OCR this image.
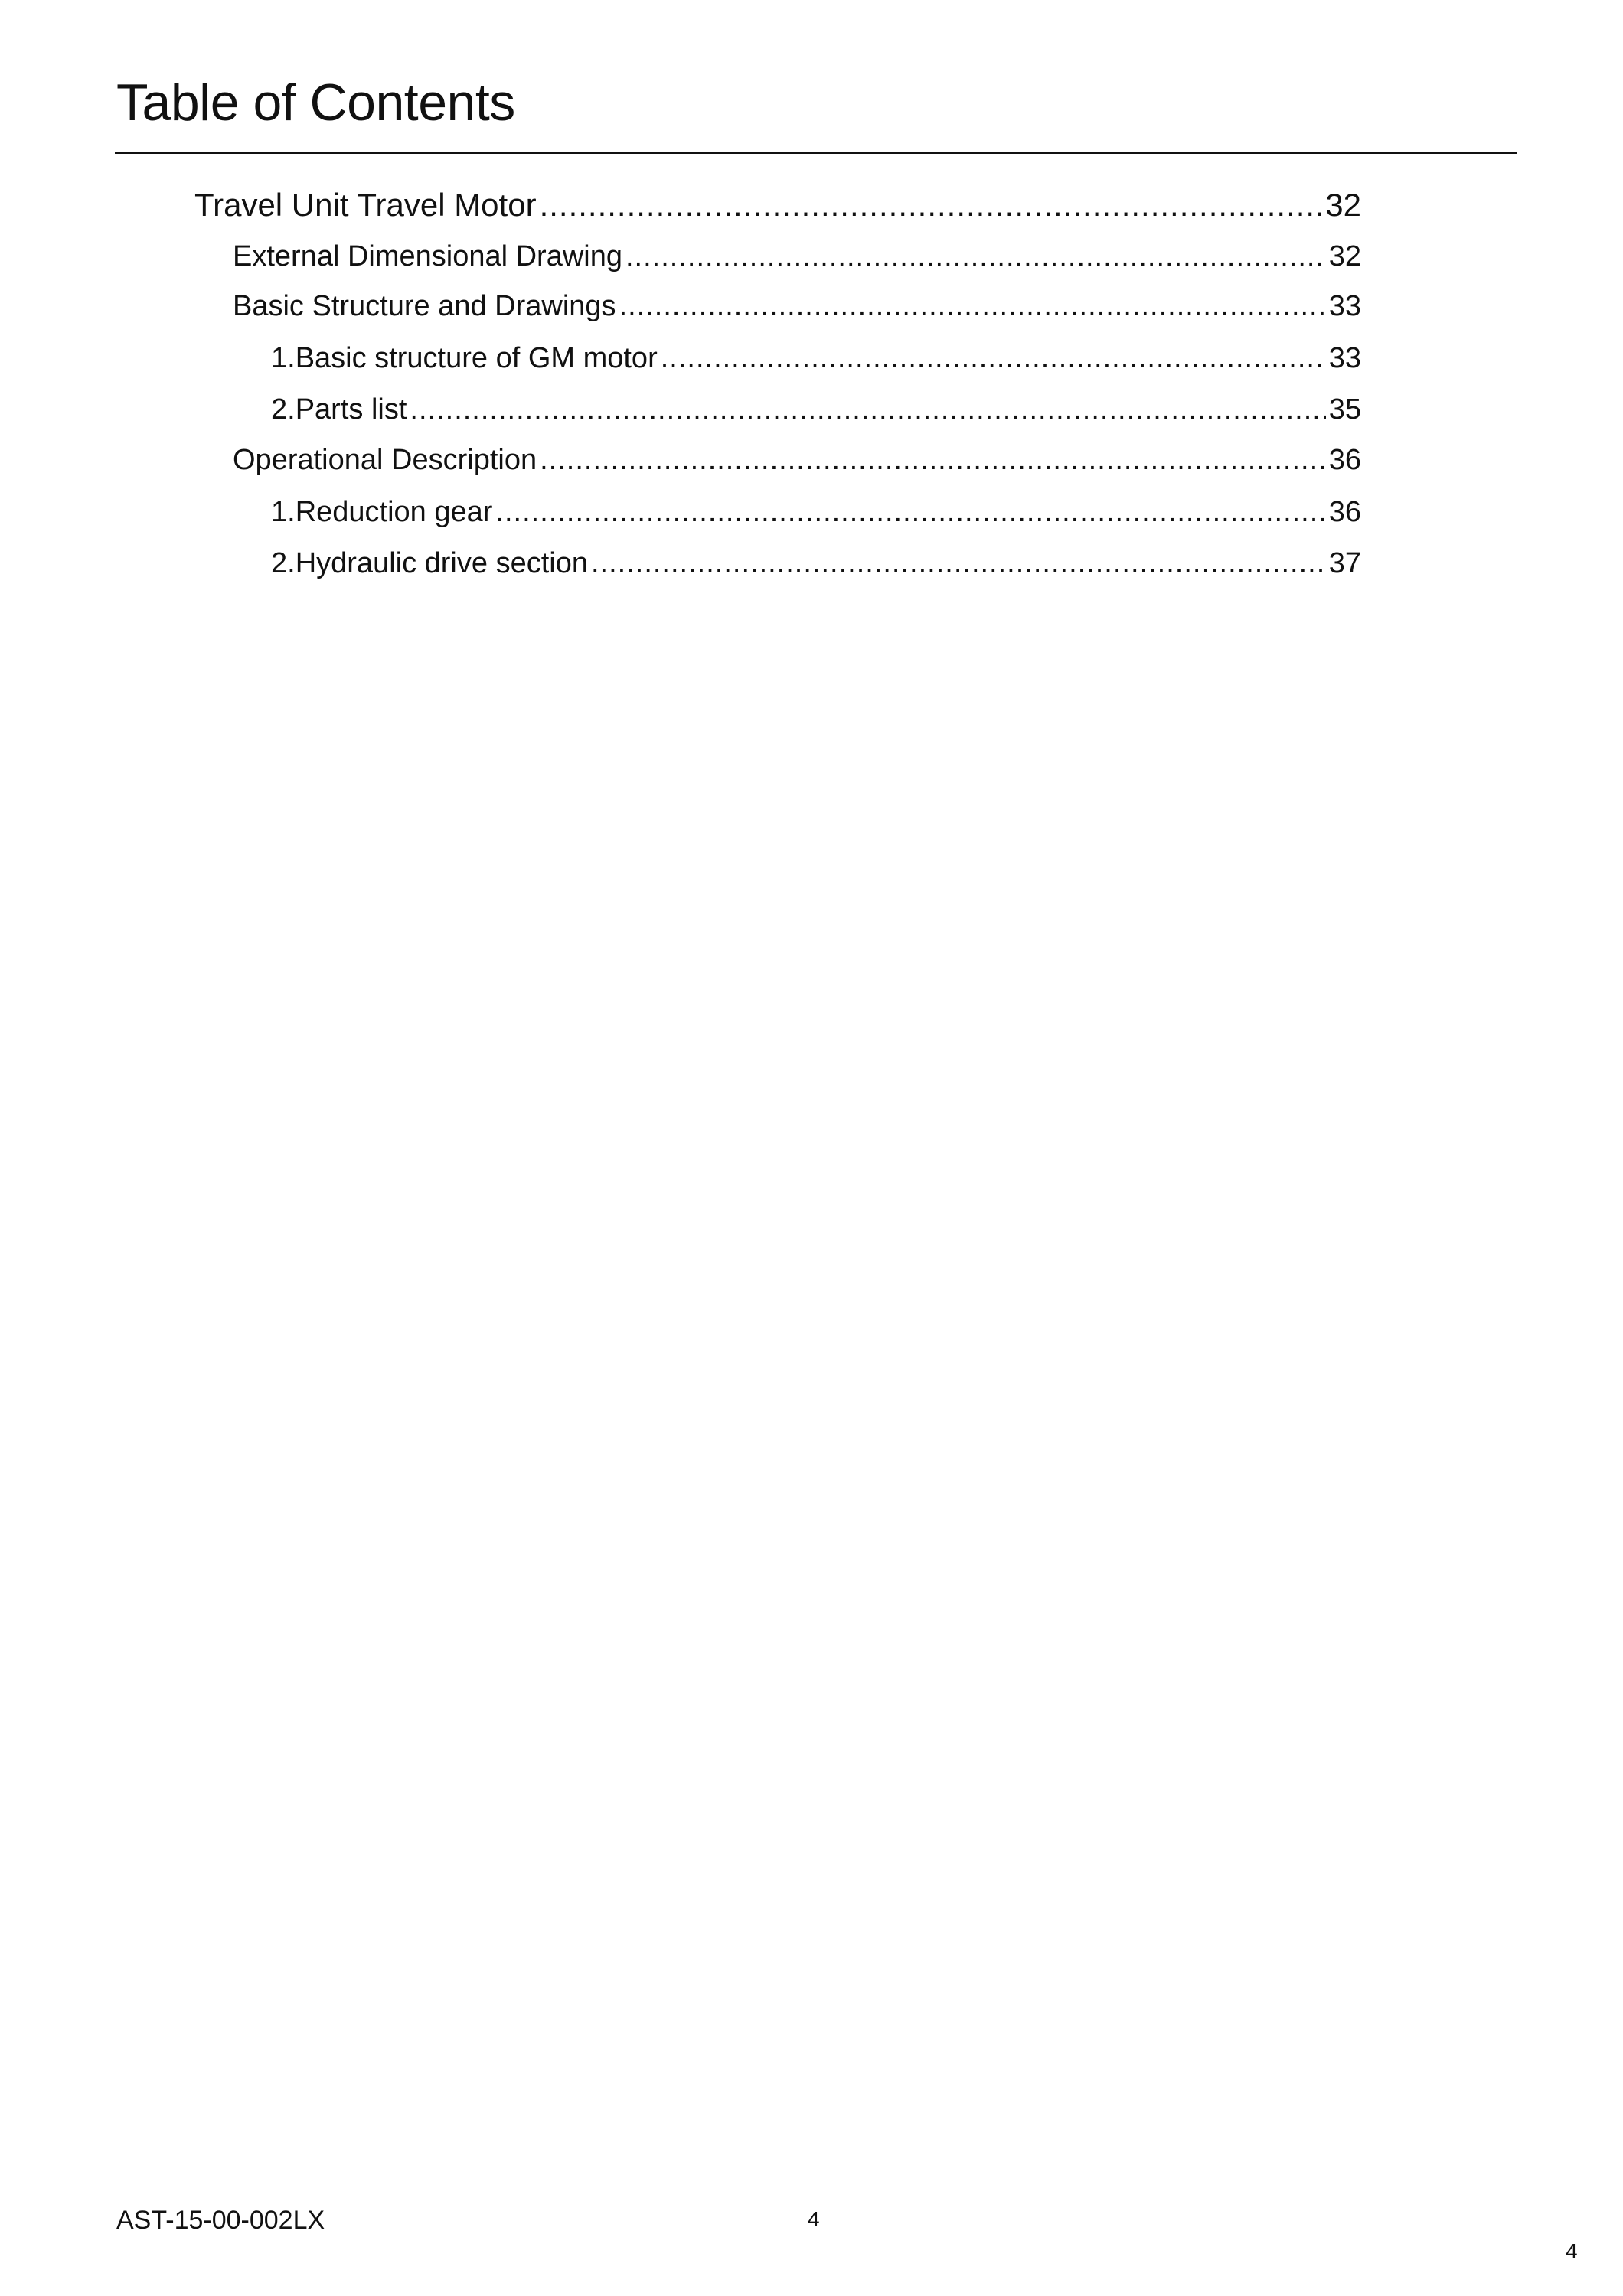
Table of Contents
Travel Unit Travel Motor .....	32
External Dimensional Drawing .....	32
Basic Structure and Drawings .....	33
1. Basic structure of GM motor .....	33
2. Parts list .....	35
Operational Description .....	36
1. Reduction gear .....	36
2. Hydraulic drive section .....	37
AST-15-00-002LX	4
4
